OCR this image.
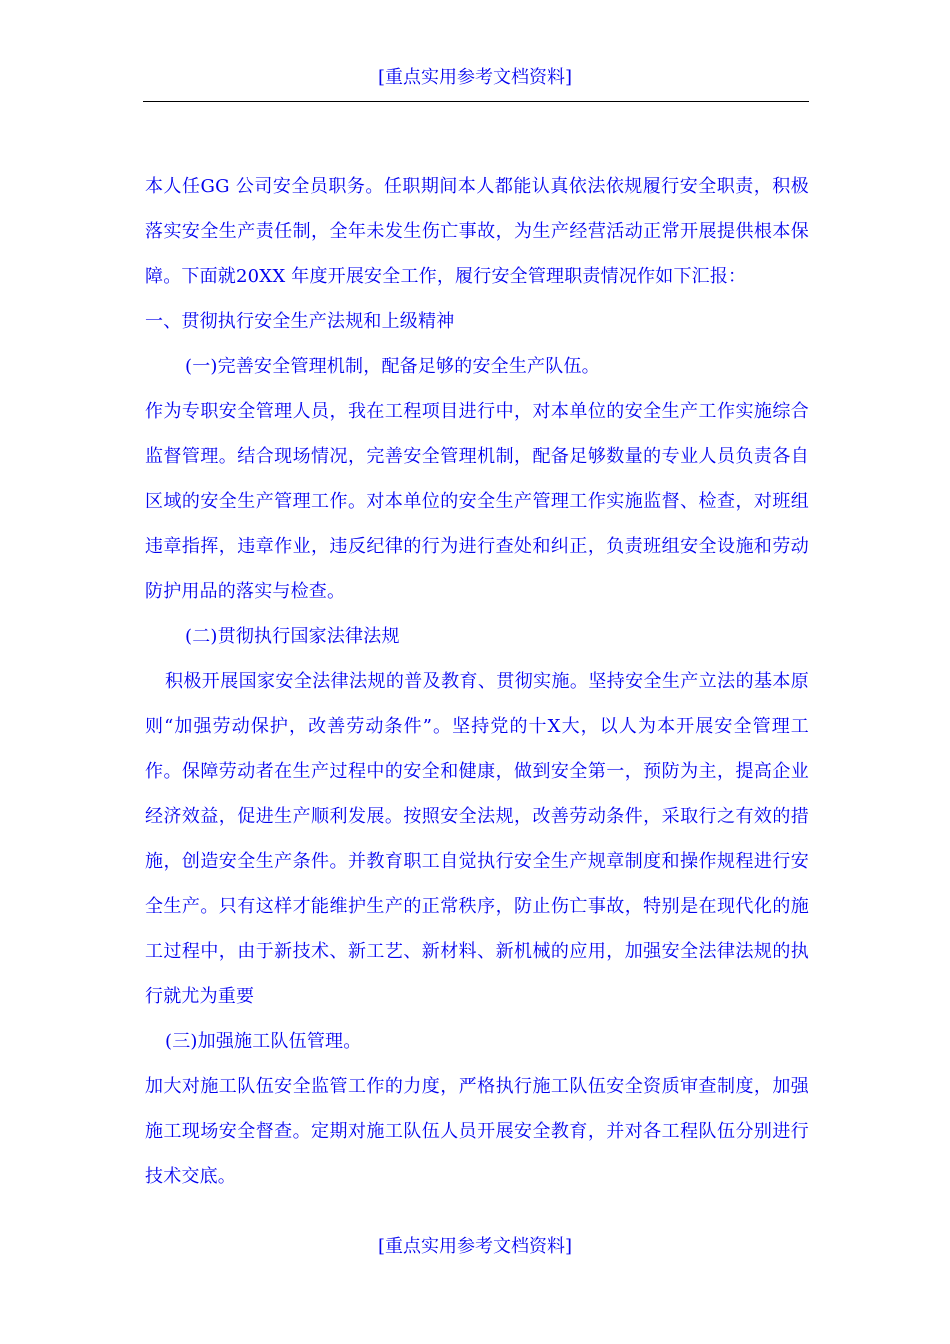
[重点实用参考文档资料]

本人任GG 公司安全员职务。任职期间本人都能认真依法依规履行安全职责，积极落实安全生产责任制，全年未发生伤亡事故，为生产经营活动正常开展提供根本保障。下面就20XX 年度开展安全工作，履行安全管理职责情况作如下汇报：

一、贯彻执行安全生产法规和上级精神

(一)完善安全管理机制，配备足够的安全生产队伍。

作为专职安全管理人员，我在工程项目进行中，对本单位的安全生产工作实施综合监督管理。结合现场情况，完善安全管理机制，配备足够数量的专业人员负责各自区域的安全生产管理工作。对本单位的安全生产管理工作实施监督、检查，对班组违章指挥，违章作业，违反纪律的行为进行查处和纠正，负责班组安全设施和劳动防护用品的落实与检查。

(二)贯彻执行国家法律法规

积极开展国家安全法律法规的普及教育、贯彻实施。坚持安全生产立法的基本原则“加强劳动保护，改善劳动条件”。坚持党的十X大，以人为本开展安全管理工作。保障劳动者在生产过程中的安全和健康，做到安全第一，预防为主，提高企业经济效益，促进生产顺利发展。按照安全法规，改善劳动条件，采取行之有效的措施，创造安全生产条件。并教育职工自觉执行安全生产规章制度和操作规程进行安全生产。只有这样才能维护生产的正常秩序，防止伤亡事故，特别是在现代化的施工过程中，由于新技术、新工艺、新材料、新机械的应用，加强安全法律法规的执行就尤为重要

(三)加强施工队伍管理。

加大对施工队伍安全监管工作的力度，严格执行施工队伍安全资质审查制度，加强施工现场安全督查。定期对施工队伍人员开展安全教育，并对各工程队伍分别进行技术交底。

[重点实用参考文档资料]
